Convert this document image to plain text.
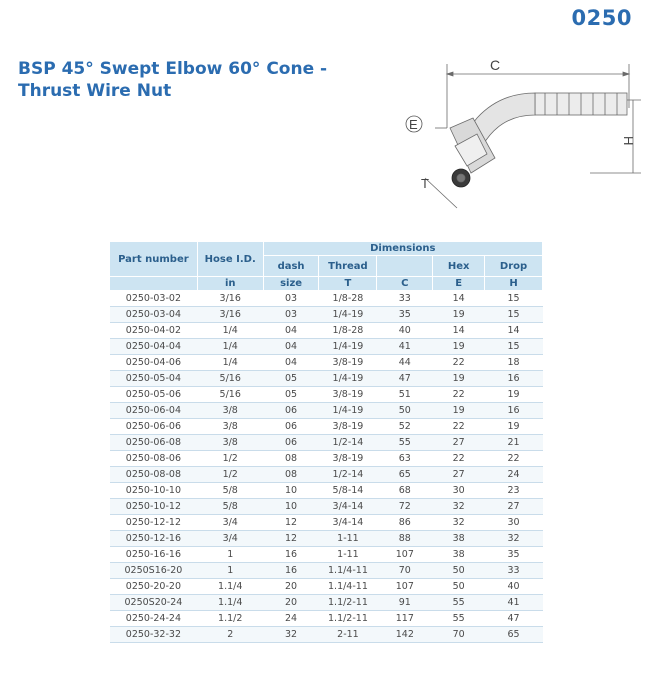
0250
BSP 45° Swept Elbow 60° Cone -
Thrust Wire Nut
C
E
H
T
Part number	Hose I.D.	Dimensions				
		dash	Thread		Hex	Drop
	in	size	T	C	E	H
0250-03-02	3/16	03	1/8-28	33	14	15
0250-03-04	3/16	03	1/4-19	35	19	15
0250-04-02	1/4	04	1/8-28	40	14	14
0250-04-04	1/4	04	1/4-19	41	19	15
0250-04-06	1/4	04	3/8-19	44	22	18
0250-05-04	5/16	05	1/4-19	47	19	16
0250-05-06	5/16	05	3/8-19	51	22	19
0250-06-04	3/8	06	1/4-19	50	19	16
0250-06-06	3/8	06	3/8-19	52	22	19
0250-06-08	3/8	06	1/2-14	55	27	21
0250-08-06	1/2	08	3/8-19	63	22	22
0250-08-08	1/2	08	1/2-14	65	27	24
0250-10-10	5/8	10	5/8-14	68	30	23
0250-10-12	5/8	10	3/4-14	72	32	27
0250-12-12	3/4	12	3/4-14	86	32	30
0250-12-16	3/4	12	1-11	88	38	32
0250-16-16	1	16	1-11	107	38	35
0250S16-20	1	16	1.1/4-11	70	50	33
0250-20-20	1.1/4	20	1.1/4-11	107	50	40
0250S20-24	1.1/4	20	1.1/2-11	91	55	41
0250-24-24	1.1/2	24	1.1/2-11	117	55	47
0250-32-32	2	32	2-11	142	70	65
